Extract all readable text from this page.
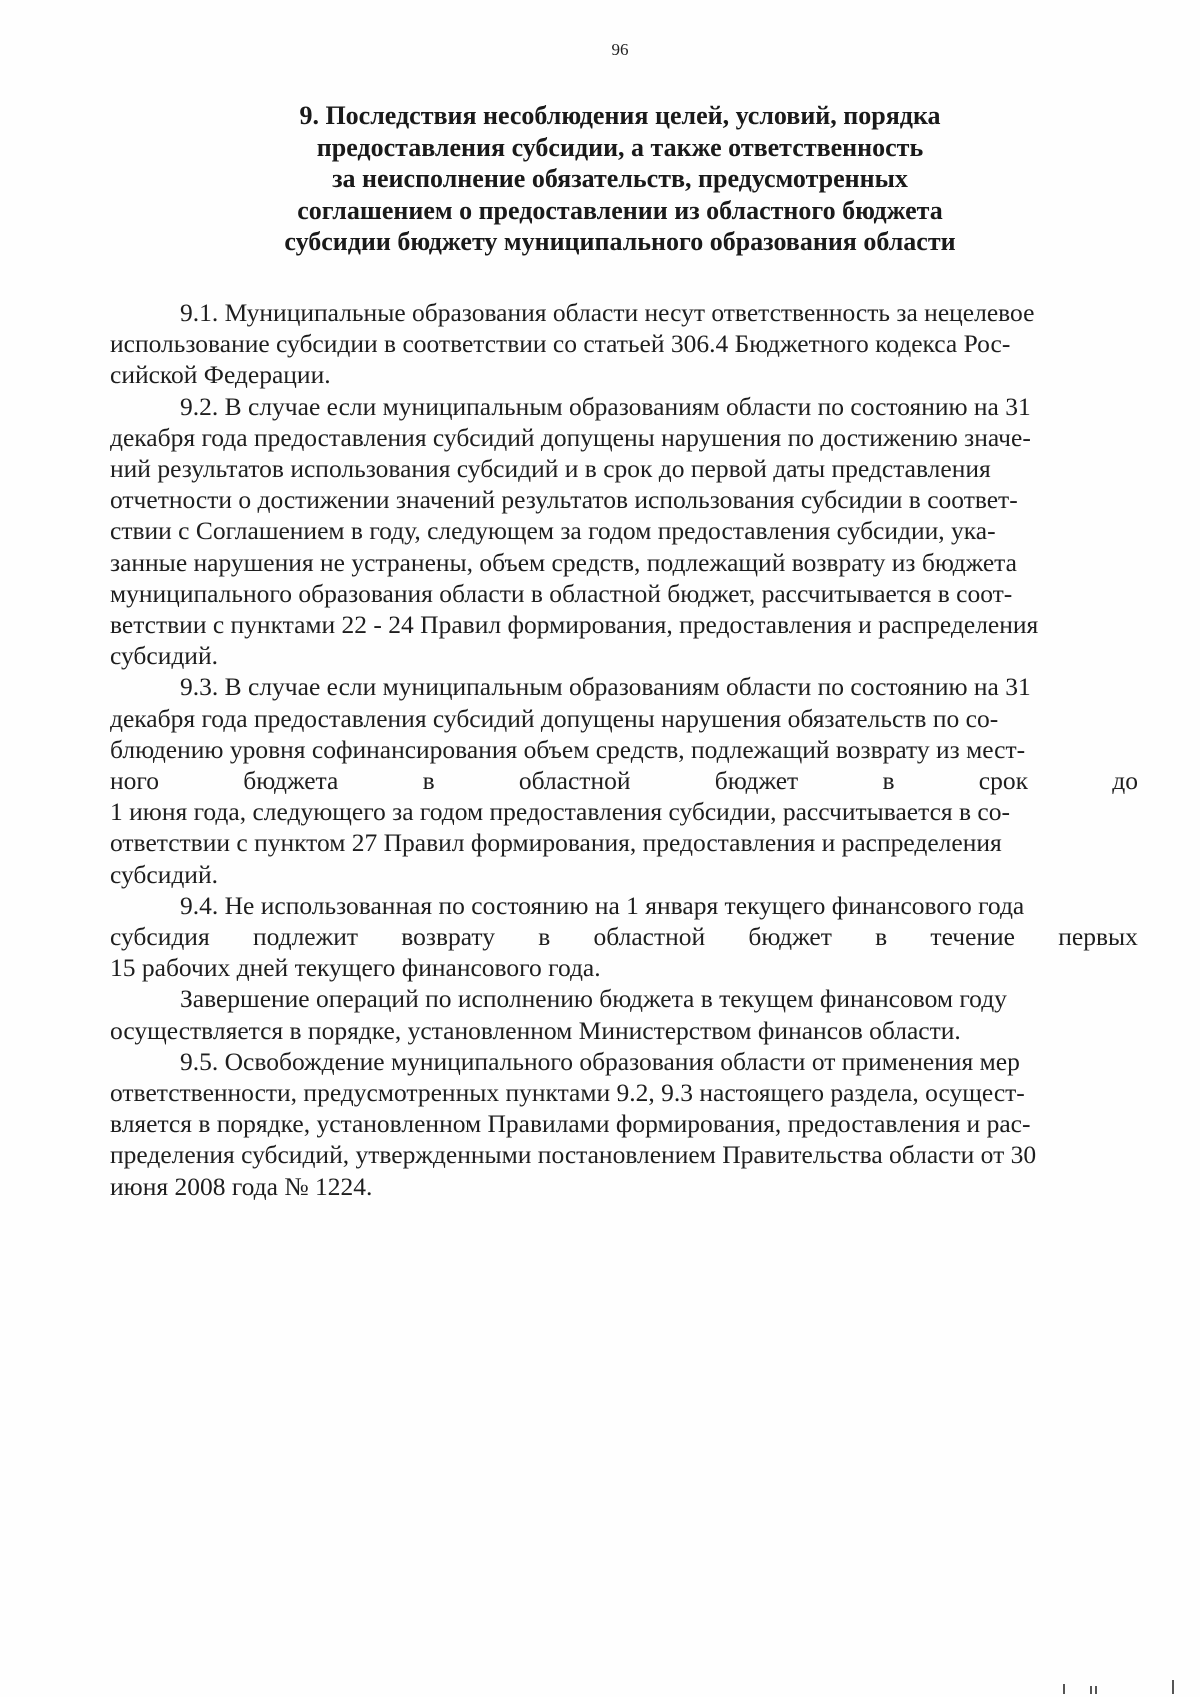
96
9. Последствия несоблюдения целей, условий, порядка
предоставления субсидии, а также ответственность
за неисполнение обязательств, предусмотренных
соглашением о предоставлении из областного бюджета
субсидии бюджету муниципального образования области
9.1. Муниципальные образования области несут ответственность за нецелевое
использование субсидии в соответствии со статьей 306.4 Бюджетного кодекса Рос-
сийской Федерации.
9.2. В случае если муниципальным образованиям области по состоянию на 31
декабря года предоставления субсидий допущены нарушения по достижению значе-
ний результатов использования субсидий и в срок до первой даты представления
отчетности о достижении значений результатов использования субсидии в соответ-
ствии с Соглашением в году, следующем за годом предоставления субсидии, ука-
занные нарушения не устранены, объем средств, подлежащий возврату из бюджета
муниципального образования области в областной бюджет, рассчитывается в соот-
ветствии с пунктами 22 - 24 Правил формирования, предоставления и распределения
субсидий.
9.3. В случае если муниципальным образованиям области по состоянию на 31
декабря года предоставления субсидий допущены нарушения обязательств по со-
блюдению уровня софинансирования объем средств, подлежащий возврату из мест-
ного	бюджета	в	областной	бюджет	в	срок	до
1 июня года, следующего за годом предоставления субсидии, рассчитывается в со-
ответствии с пунктом 27 Правил формирования, предоставления и распределения
субсидий.
9.4. Не использованная по состоянию на 1 января текущего финансового года
субсидия подлежит возврату в областной бюджет в течение первых
15 рабочих дней текущего финансового года.
Завершение операций по исполнению бюджета в текущем финансовом году
осуществляется в порядке, установленном Министерством финансов области.
9.5. Освобождение муниципального образования области от применения мер
ответственности, предусмотренных пунктами 9.2, 9.3 настоящего раздела, осущест-
вляется в порядке, установленном Правилами формирования, предоставления и рас-
пределения субсидий, утвержденными постановлением Правительства области от 30
июня 2008 года № 1224.
